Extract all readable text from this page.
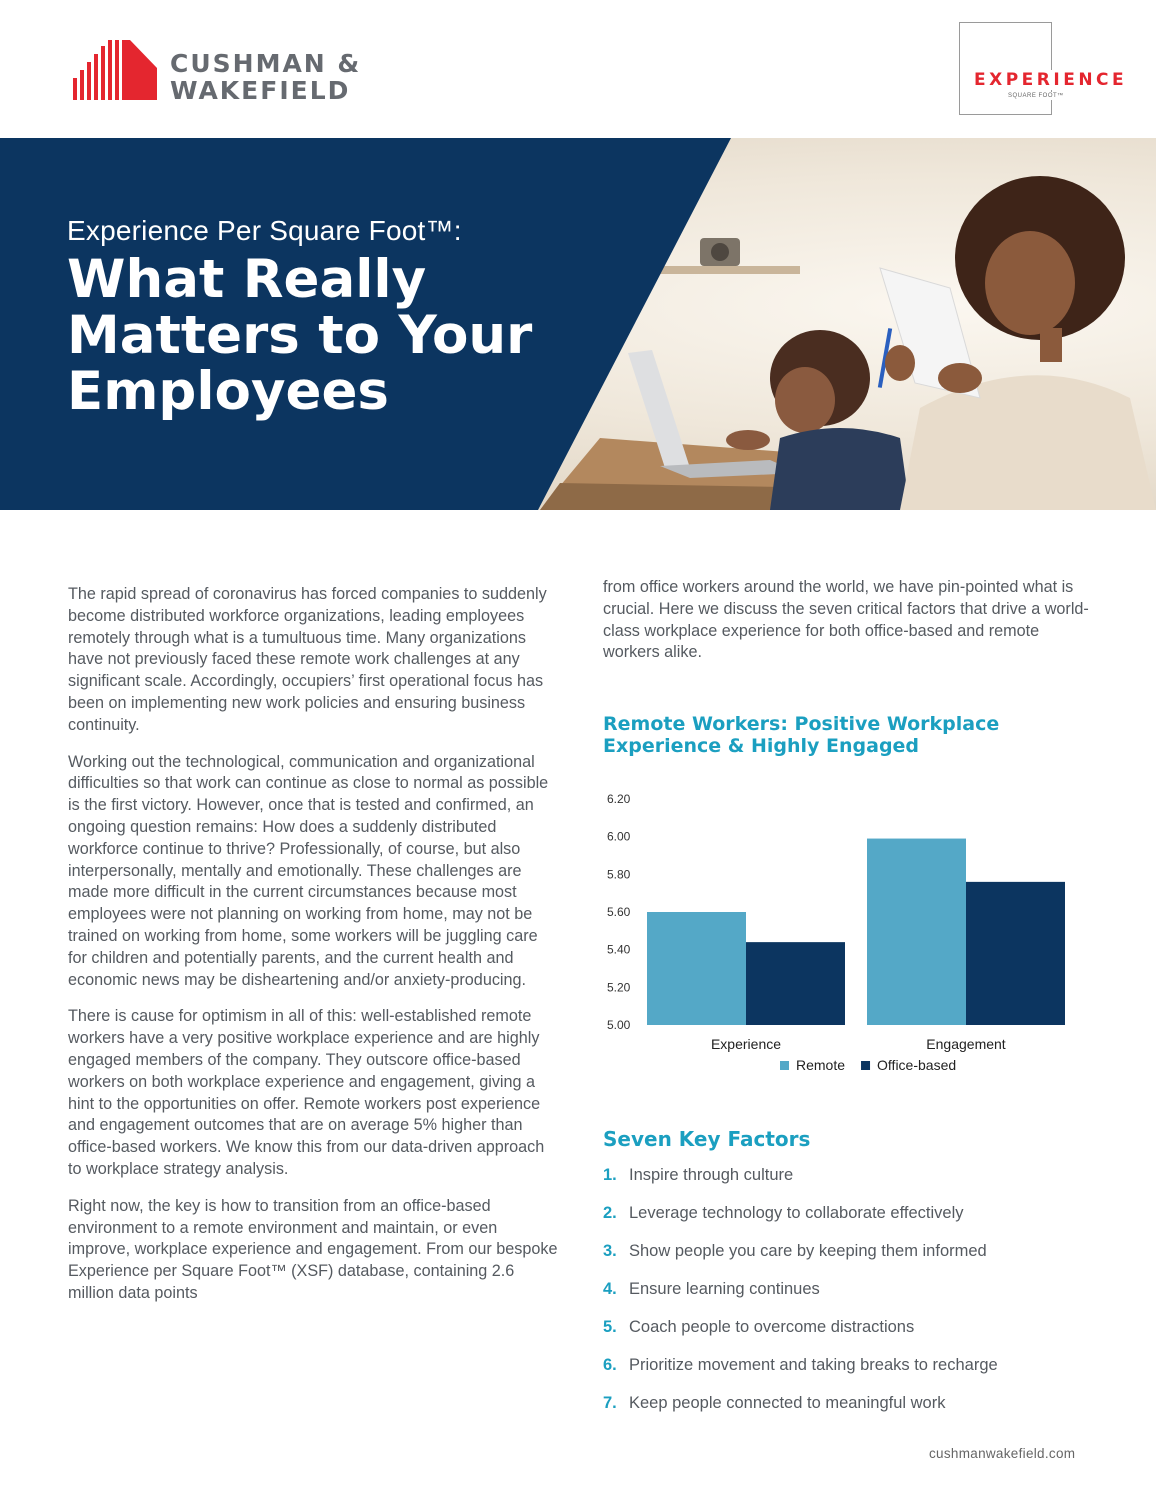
CUSHMAN &
WAKEFIELD	EXPERIENCE
SQUARE FOOT™
Experience Per Square Foot™:
What Really
Matters to Your
Employees

The rapid spread of coronavirus has forced companies to suddenly become distributed workforce organizations, leading employees remotely through what is a tumultuous time. Many organizations have not previously faced these remote work challenges at any significant scale. Accordingly, occupiers’ first operational focus has been on implementing new work policies and ensuring business continuity.

Working out the technological, communication and organizational difficulties so that work can continue as close to normal as possible is the first victory. However, once that is tested and confirmed, an ongoing question remains: How does a suddenly distributed workforce continue to thrive? Professionally, of course, but also interpersonally, mentally and emotionally. These challenges are made more difficult in the current circumstances because most employees were not planning on working from home, may not be trained on working from home, some workers will be juggling care for children and potentially parents, and the current health and economic news may be disheartening and/or anxiety-producing.

There is cause for optimism in all of this: well-established remote workers have a very positive workplace experience and are highly engaged members of the company. They outscore office-based workers on both workplace experience and engagement, giving a hint to the opportunities on offer. Remote workers post experience and engagement outcomes that are on average 5% higher than office-based workers. We know this from our data-driven approach to workplace strategy analysis.

Right now, the key is how to transition from an office-based environment to a remote environment and maintain, or even improve, workplace experience and engagement. From our bespoke Experience per Square Foot™ (XSF) database, containing 2.6 million data points

from office workers around the world, we have pin-pointed what is crucial. Here we discuss the seven critical factors that drive a world-class workplace experience for both office-based and remote workers alike.

Remote Workers: Positive Workplace Experience & Highly Engaged
6.20
6.00
5.80
5.60
5.40
5.20
5.00
Experience	Engagement
Remote Office-based
Seven Key Factors
1. Inspire through culture
2. Leverage technology to collaborate effectively
3. Show people you care by keeping them informed
4. Ensure learning continues
5. Coach people to overcome distractions
6. Prioritize movement and taking breaks to recharge
7. Keep people connected to meaningful work
cushmanwakefield.com
